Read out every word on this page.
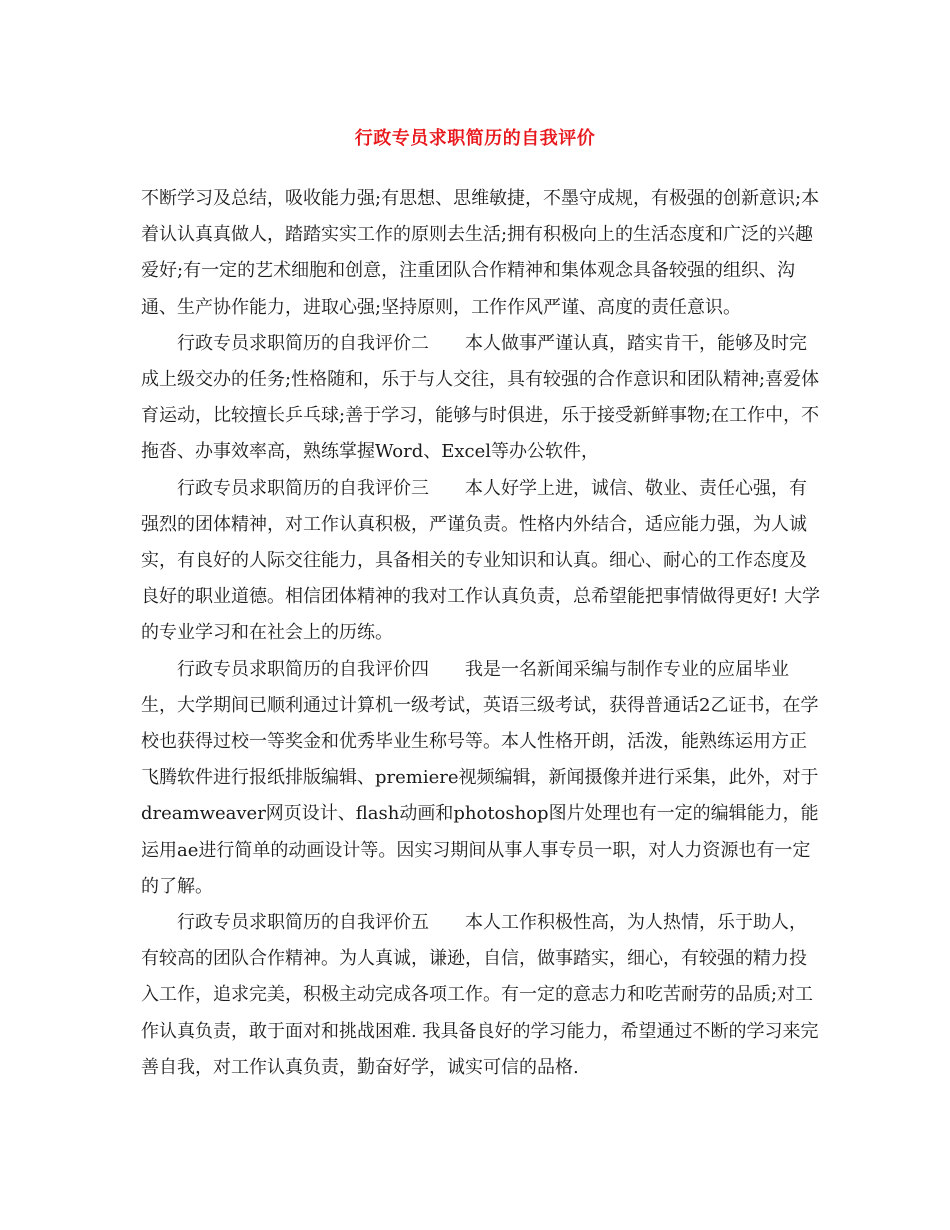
行政专员求职简历的自我评价

不断学习及总结，吸收能力强;有思想、思维敏捷，不墨守成规，有极强的创新意识;本着认认真真做人，踏踏实实工作的原则去生活;拥有积极向上的生活态度和广泛的兴趣爱好;有一定的艺术细胞和创意，注重团队合作精神和集体观念具备较强的组织、沟通、生产协作能力，进取心强;坚持原则，工作作风严谨、高度的责任意识。

行政专员求职简历的自我评价二 本人做事严谨认真，踏实肯干，能够及时完成上级交办的任务;性格随和，乐于与人交往，具有较强的合作意识和团队精神;喜爱体育运动，比较擅长乒乓球;善于学习，能够与时俱进，乐于接受新鲜事物;在工作中，不拖沓、办事效率高，熟练掌握Word、Excel等办公软件，

行政专员求职简历的自我评价三 本人好学上进，诚信、敬业、责任心强，有强烈的团体精神，对工作认真积极，严谨负责。性格内外结合，适应能力强，为人诚实，有良好的人际交往能力，具备相关的专业知识和认真。细心、耐心的工作态度及良好的职业道德。相信团体精神的我对工作认真负责，总希望能把事情做得更好! 大学的专业学习和在社会上的历练。

行政专员求职简历的自我评价四 我是一名新闻采编与制作专业的应届毕业生，大学期间已顺利通过计算机一级考试，英语三级考试，获得普通话2乙证书，在学校也获得过校一等奖金和优秀毕业生称号等。本人性格开朗，活泼，能熟练运用方正飞腾软件进行报纸排版编辑、premiere视频编辑，新闻摄像并进行采集，此外，对于dreamweaver网页设计、flash动画和photoshop图片处理也有一定的编辑能力，能运用ae进行简单的动画设计等。因实习期间从事人事专员一职，对人力资源也有一定的了解。

行政专员求职简历的自我评价五 本人工作积极性高，为人热情，乐于助人，有较高的团队合作精神。为人真诚，谦逊，自信，做事踏实，细心，有较强的精力投入工作，追求完美，积极主动完成各项工作。有一定的意志力和吃苦耐劳的品质;对工作认真负责，敢于面对和挑战困难. 我具备良好的学习能力，希望通过不断的学习来完善自我，对工作认真负责，勤奋好学，诚实可信的品格.
